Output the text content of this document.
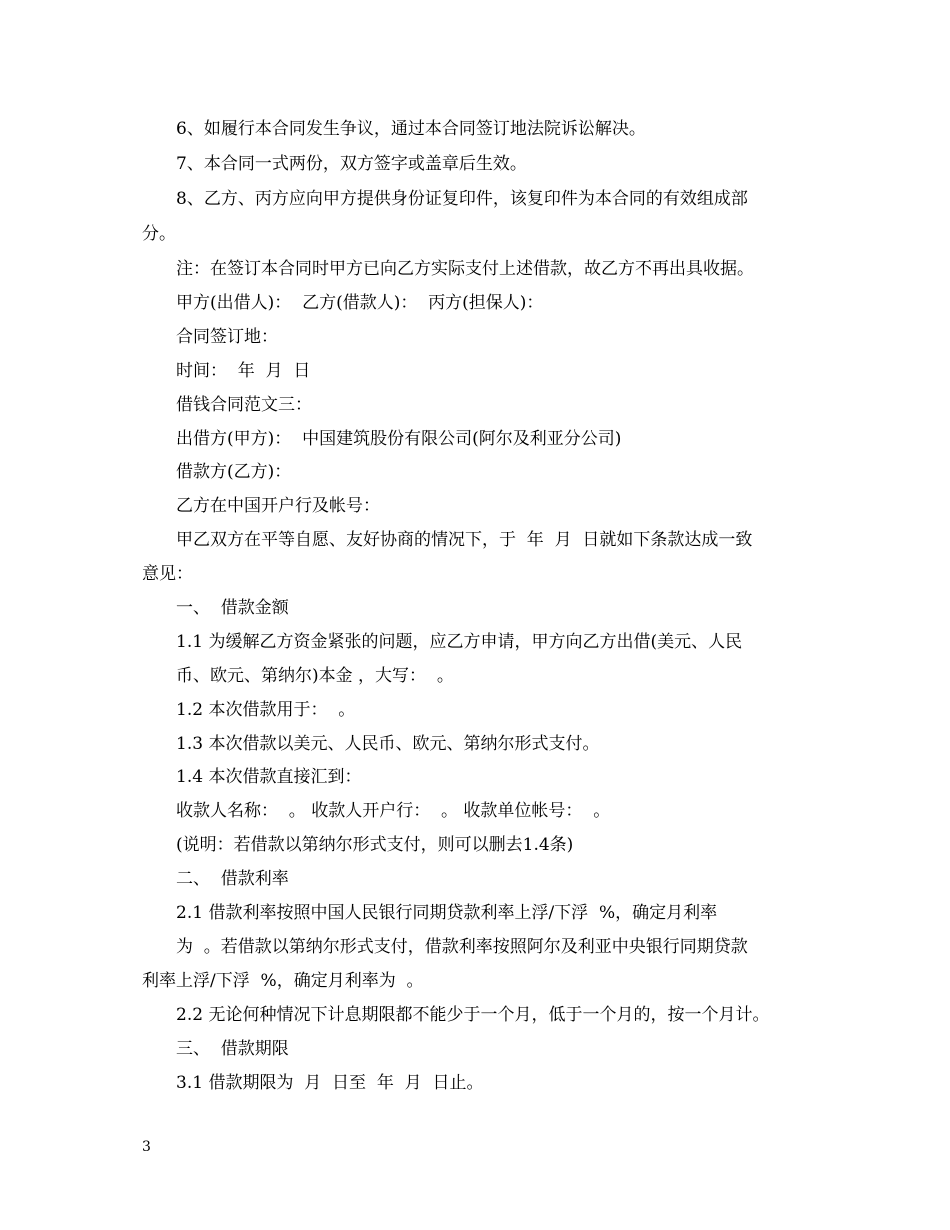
6、如履行本合同发生争议，通过本合同签订地法院诉讼解决。
7、本合同一式两份，双方签字或盖章后生效。
8、乙方、丙方应向甲方提供身份证复印件，该复印件为本合同的有效组成部
分。
注：在签订本合同时甲方已向乙方实际支付上述借款，故乙方不再出具收据。
甲方(出借人)：  乙方(借款人)：  丙方(担保人)：
合同签订地：
时间：  年  月  日
借钱合同范文三：
出借方(甲方)：  中国建筑股份有限公司(阿尔及利亚分公司)
借款方(乙方)：
乙方在中国开户行及帐号：
甲乙双方在平等自愿、友好协商的情况下，于  年  月  日就如下条款达成一致
意见：
一、  借款金额
1.1 为缓解乙方资金紧张的问题，应乙方申请，甲方向乙方出借(美元、人民
币、欧元、第纳尔)本金 ，大写：  。
1.2 本次借款用于：  。
1.3 本次借款以美元、人民币、欧元、第纳尔形式支付。
1.4 本次借款直接汇到：
收款人名称：  。 收款人开户行：  。 收款单位帐号：  。
(说明：若借款以第纳尔形式支付，则可以删去1.4条)
二、  借款利率
2.1 借款利率按照中国人民银行同期贷款利率上浮/下浮  %，确定月利率
为  。若借款以第纳尔形式支付，借款利率按照阿尔及利亚中央银行同期贷款
利率上浮/下浮  %，确定月利率为  。
2.2 无论何种情况下计息期限都不能少于一个月，低于一个月的，按一个月计。
三、  借款期限
3.1 借款期限为  月  日至  年  月  日止。
3
